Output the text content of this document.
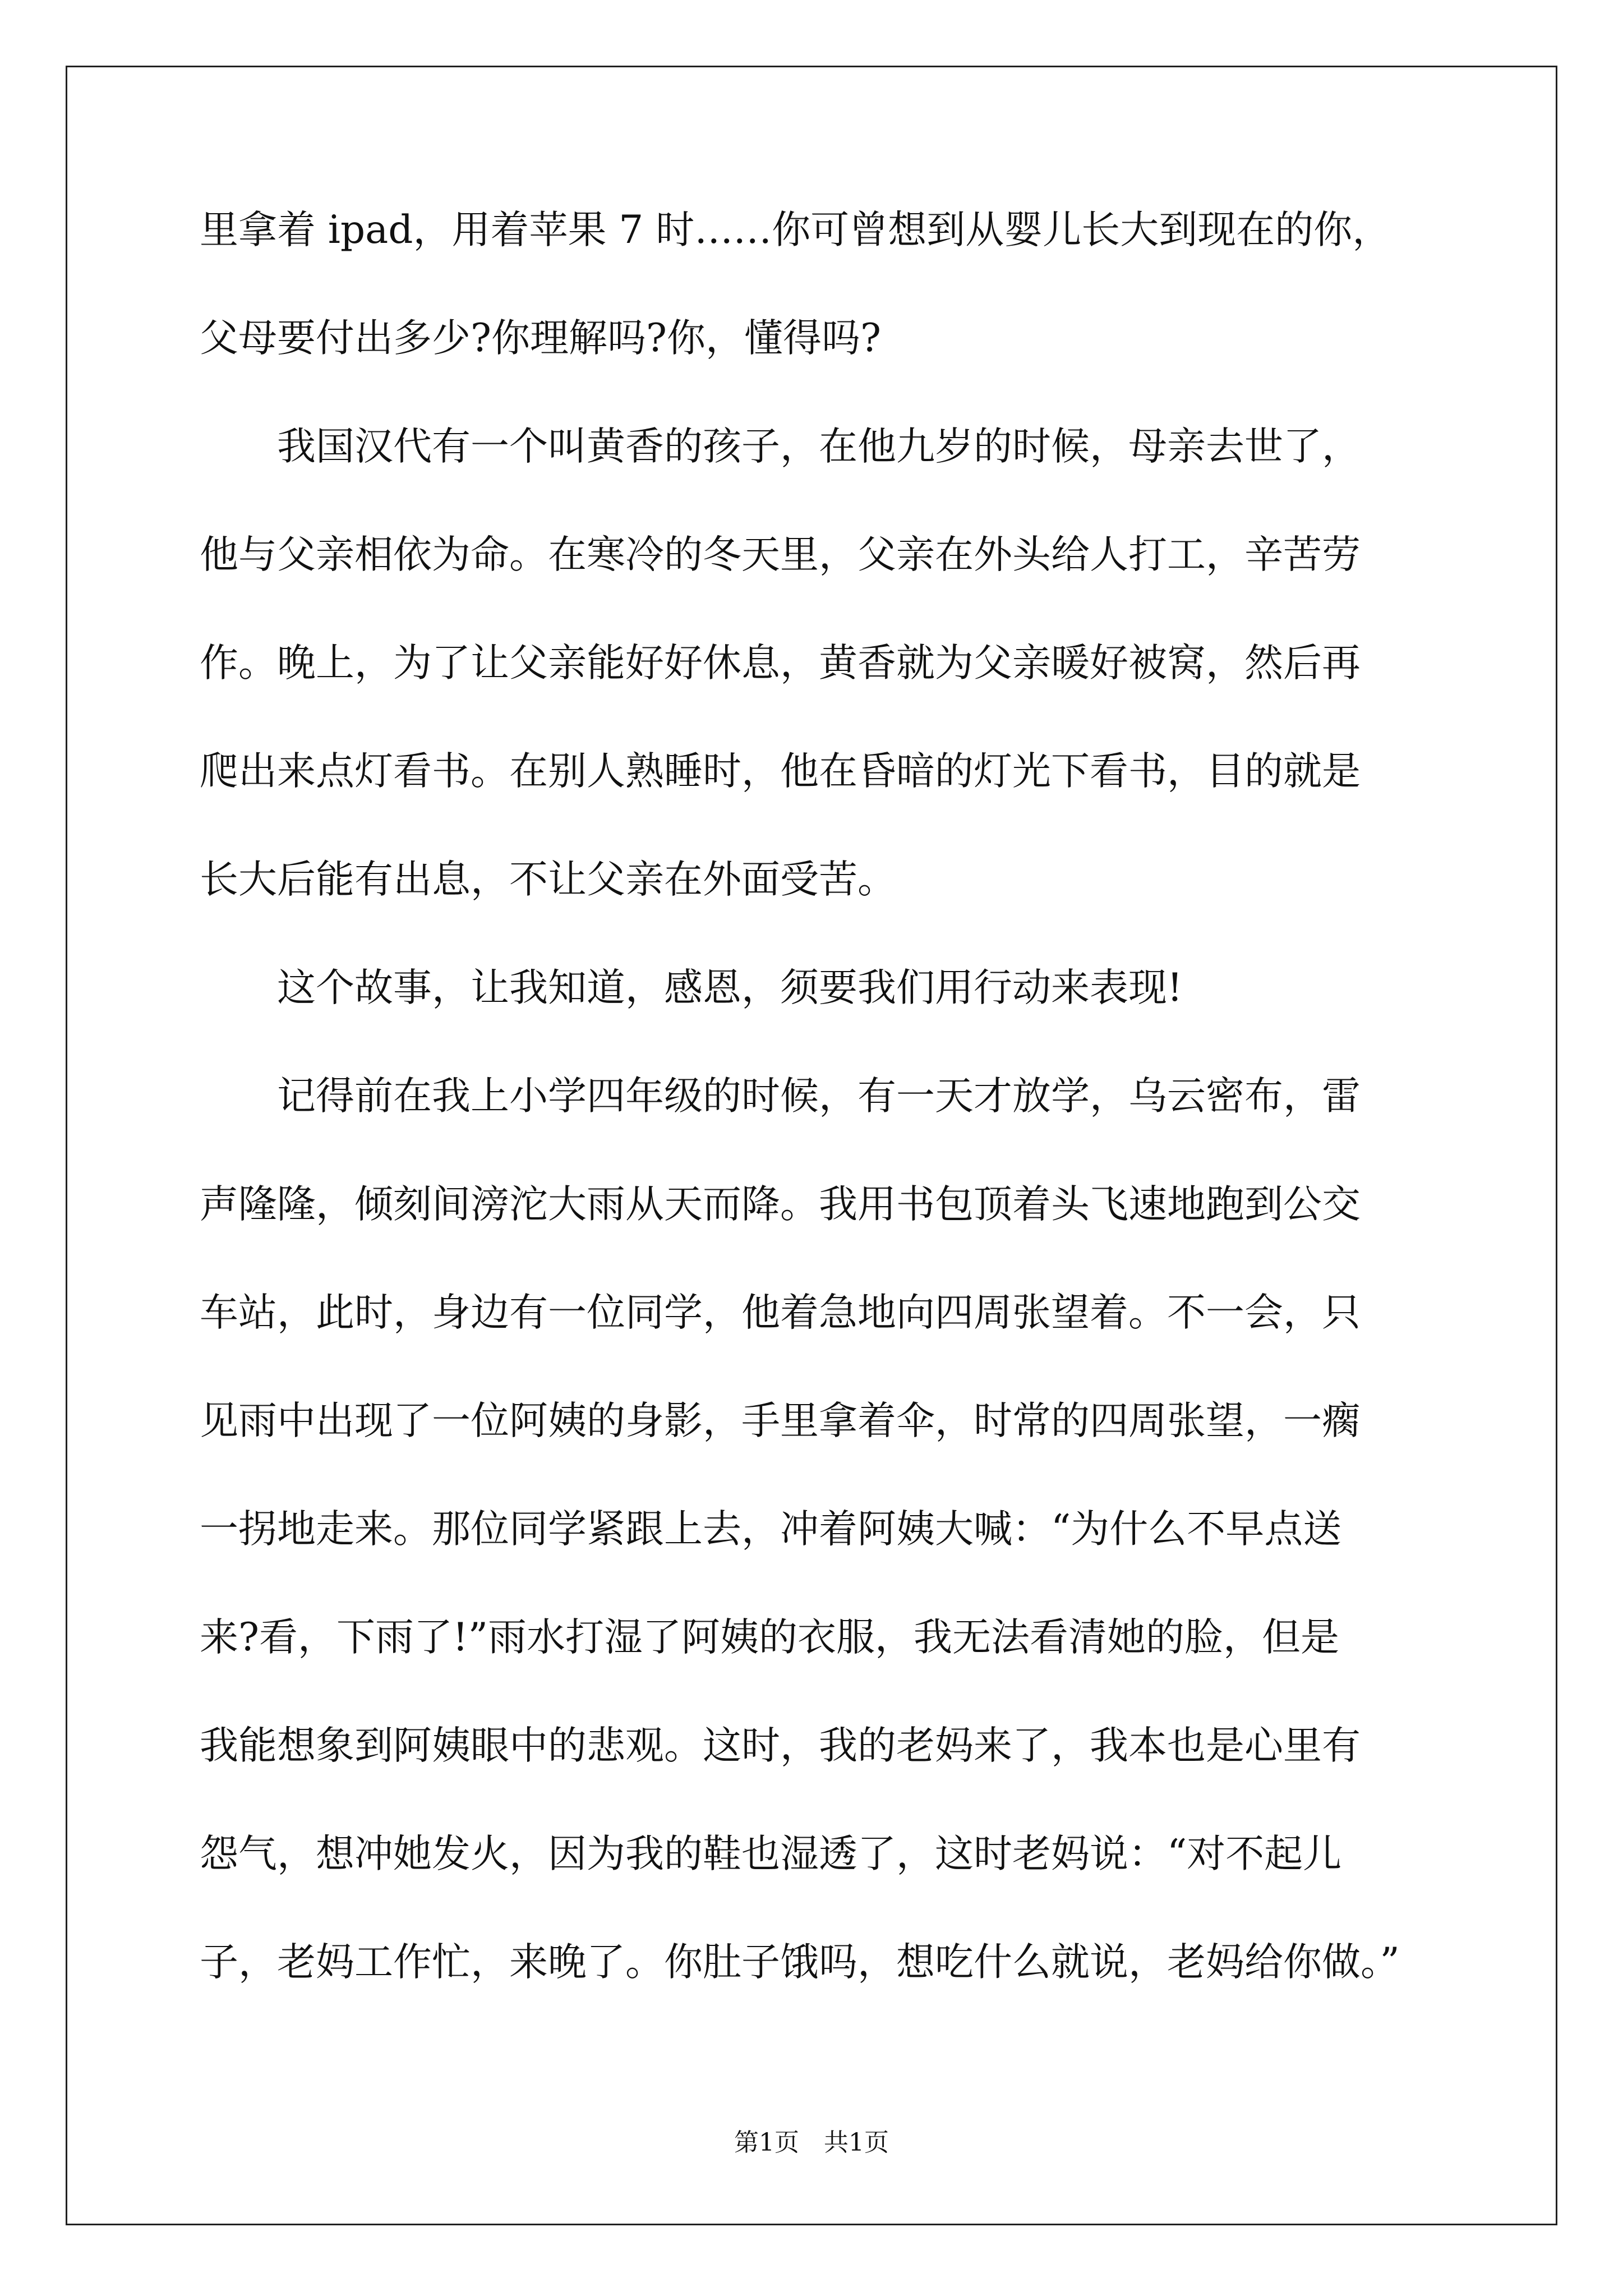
里拿着 ipad，用着苹果 7 时……你可曾想到从婴儿长大到现在的你，
父母要付出多少?你理解吗?你，懂得吗?
　　我国汉代有一个叫黄香的孩子，在他九岁的时候，母亲去世了，
他与父亲相依为命。在寒冷的冬天里，父亲在外头给人打工，辛苦劳
作。晚上，为了让父亲能好好休息，黄香就为父亲暖好被窝，然后再
爬出来点灯看书。在别人熟睡时，他在昏暗的灯光下看书，目的就是
长大后能有出息，不让父亲在外面受苦。
　　这个故事，让我知道，感恩，须要我们用行动来表现!
　　记得前在我上小学四年级的时候，有一天才放学，乌云密布，雷
声隆隆，倾刻间滂沱大雨从天而降。我用书包顶着头飞速地跑到公交
车站，此时，身边有一位同学，他着急地向四周张望着。不一会，只
见雨中出现了一位阿姨的身影，手里拿着伞，时常的四周张望，一瘸
一拐地走来。那位同学紧跟上去，冲着阿姨大喊：“为什么不早点送
来?看，下雨了!”雨水打湿了阿姨的衣服，我无法看清她的脸，但是
我能想象到阿姨眼中的悲观。这时，我的老妈来了，我本也是心里有
怨气，想冲她发火，因为我的鞋也湿透了，这时老妈说：“对不起儿
子，老妈工作忙，来晚了。你肚子饿吗，想吃什么就说，老妈给你做。”
第1页　共1页
